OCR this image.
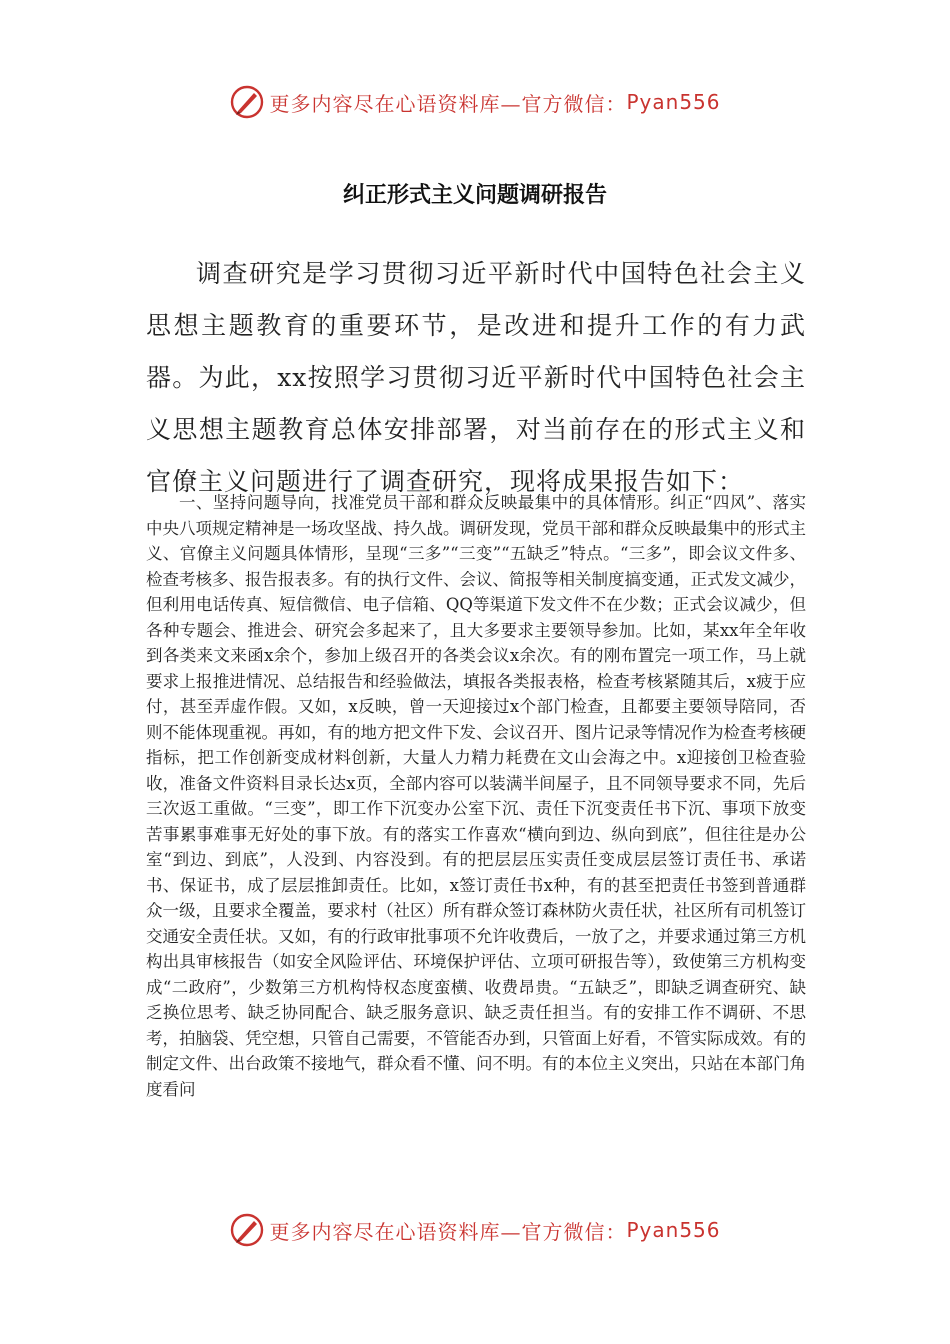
更多内容尽在心语资料库—官方微信： Pyan556
纠正形式主义问题调研报告

调查研究是学习贯彻习近平新时代中国特色社会主义思想主题教育的重要环节，是改进和提升工作的有力武器。为此，xx按照学习贯彻习近平新时代中国特色社会主义思想主题教育总体安排部署，对当前存在的形式主义和官僚主义问题进行了调查研究，现将成果报告如下：

一、坚持问题导向，找准党员干部和群众反映最集中的具体情形。纠正“四风”、落实中央八项规定精神是一场攻坚战、持久战。调研发现，党员干部和群众反映最集中的形式主义、官僚主义问题具体情形，呈现“三多”“三变”“五缺乏”特点。“三多”，即会议文件多、检查考核多、报告报表多。有的执行文件、会议、简报等相关制度搞变通，正式发文减少，但利用电话传真、短信微信、电子信箱、QQ等渠道下发文件不在少数；正式会议减少，但各种专题会、推进会、研究会多起来了，且大多要求主要领导参加。比如，某xx年全年收到各类来文来函x余个，参加上级召开的各类会议x余次。有的刚布置完一项工作，马上就要求上报推进情况、总结报告和经验做法，填报各类报表格，检查考核紧随其后，x疲于应付，甚至弄虚作假。又如，x反映，曾一天迎接过x个部门检查，且都要主要领导陪同，否则不能体现重视。再如，有的地方把文件下发、会议召开、图片记录等情况作为检查考核硬指标，把工作创新变成材料创新，大量人力精力耗费在文山会海之中。x迎接创卫检查验收，准备文件资料目录长达x页，全部内容可以装满半间屋子，且不同领导要求不同，先后三次返工重做。“三变”，即工作下沉变办公室下沉、责任下沉变责任书下沉、事项下放变苦事累事难事无好处的事下放。有的落实工作喜欢“横向到边、纵向到底”，但往往是办公室“到边、到底”，人没到、内容没到。有的把层层压实责任变成层层签订责任书、承诺书、保证书，成了层层推卸责任。比如，x签订责任书x种，有的甚至把责任书签到普通群众一级，且要求全覆盖，要求村（社区）所有群众签订森林防火责任状，社区所有司机签订交通安全责任状。又如，有的行政审批事项不允许收费后，一放了之，并要求通过第三方机构出具审核报告（如安全风险评估、环境保护评估、立项可研报告等），致使第三方机构变成“二政府”，少数第三方机构恃权态度蛮横、收费昂贵。“五缺乏”，即缺乏调查研究、缺乏换位思考、缺乏协同配合、缺乏服务意识、缺乏责任担当。有的安排工作不调研、不思考，拍脑袋、凭空想，只管自己需要，不管能否办到，只管面上好看，不管实际成效。有的制定文件、出台政策不接地气，群众看不懂、问不明。有的本位主义突出，只站在本部门角度看问

更多内容尽在心语资料库—官方微信： Pyan556
